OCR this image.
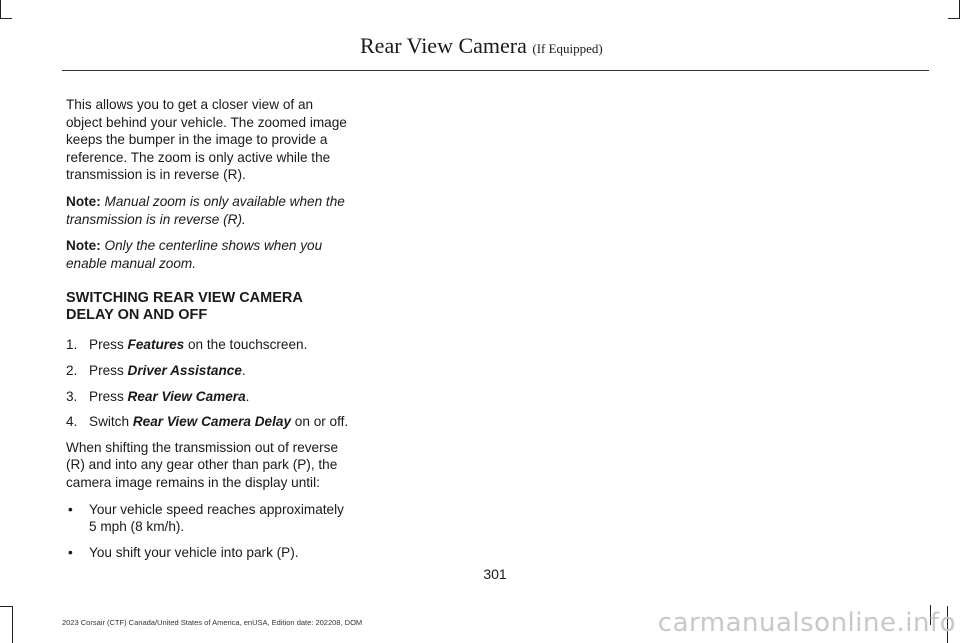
Rear View Camera (If Equipped)

This allows you to get a closer view of an object behind your vehicle. The zoomed image keeps the bumper in the image to provide a reference. The zoom is only active while the transmission is in reverse (R).

Note: Manual zoom is only available when the transmission is in reverse (R).

Note: Only the centerline shows when you enable manual zoom.

SWITCHING REAR VIEW CAMERA DELAY ON AND OFF
1. Press Features on the touchscreen.
2. Press Driver Assistance.
3. Press Rear View Camera.
4. Switch Rear View Camera Delay on or off.

When shifting the transmission out of reverse (R) and into any gear other than park (P), the camera image remains in the display until:

• Your vehicle speed reaches approximately 5 mph (8 km/h).
• You shift your vehicle into park (P).
301
2023 Corsair (CTF) Canada/United States of America, enUSA, Edition date: 202208, DOM	carmanualsonline.info
